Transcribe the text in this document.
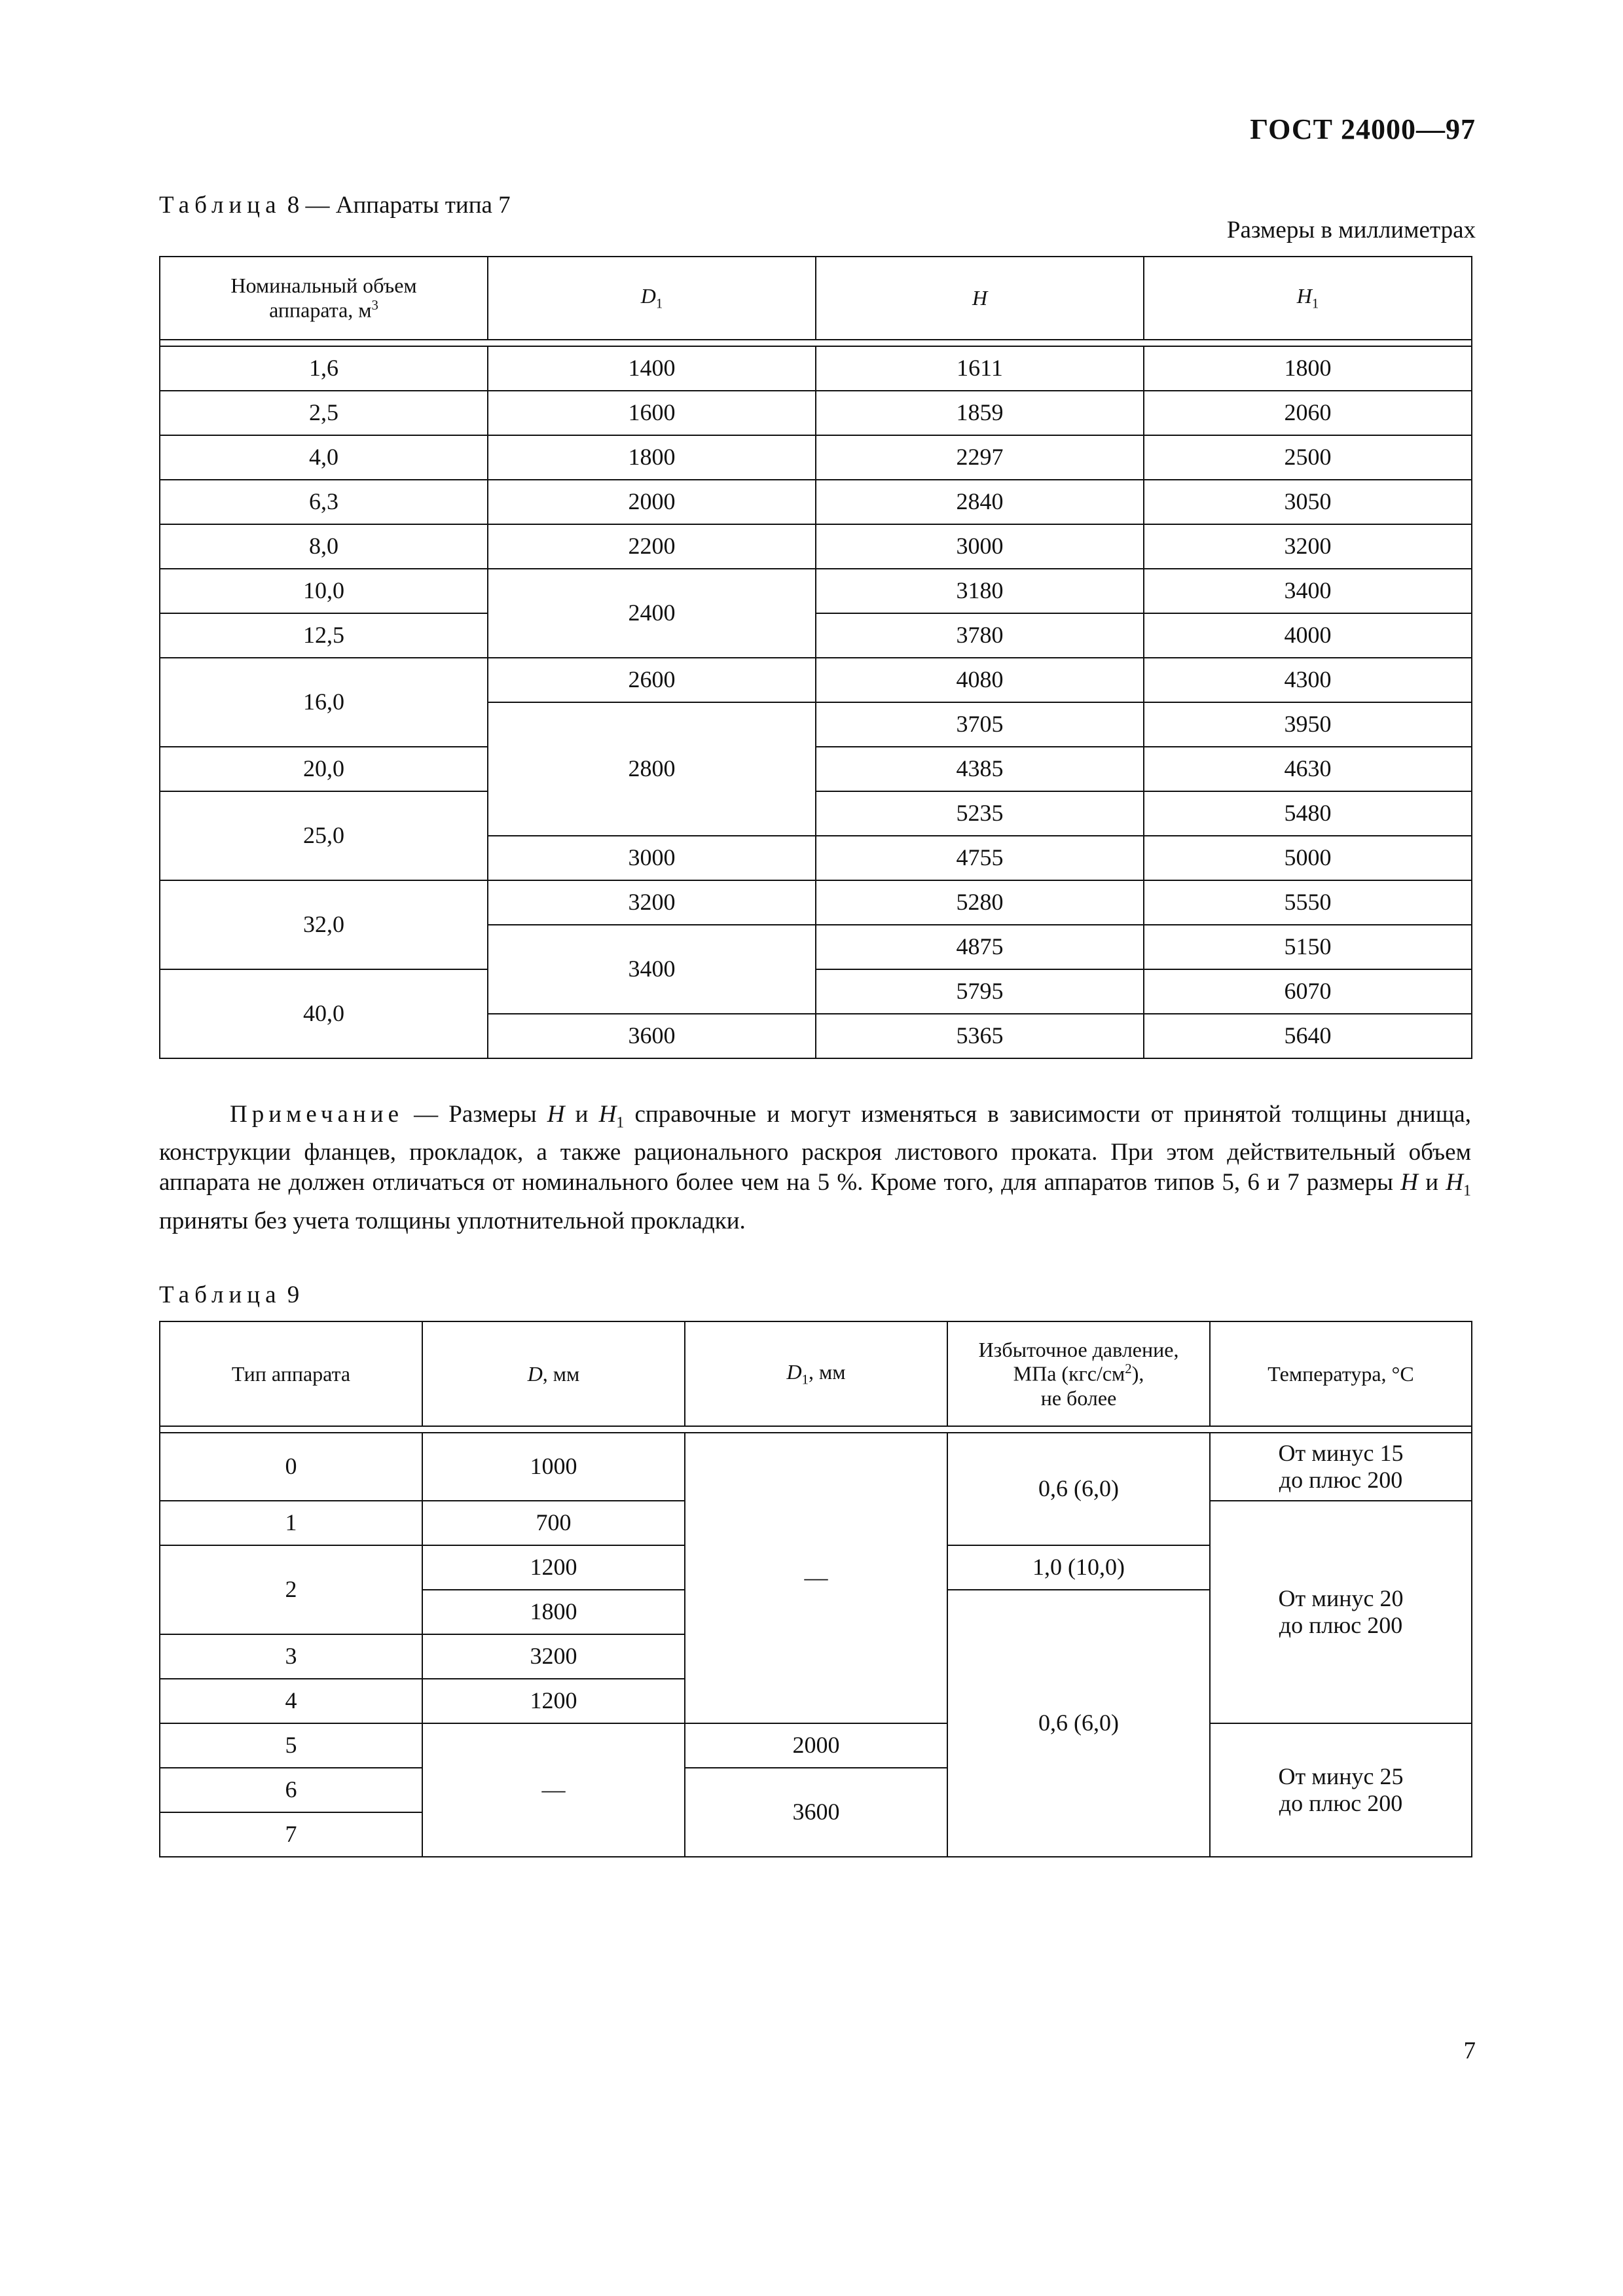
ГОСТ 24000—97
Таблица 8 — Аппараты типа 7
Размеры в миллиметрах
Номинальный объем
аппарата, $м^3$	$D_1$	H	$H_1$

1,6	1400	1611	1800
2,5	1600	1859	2060
4,0	1800	2297	2500
6,3	2000	2840	3050
8,0	2200	3000	3200
10,0	2400	3180	3400
12,5		3780	4000
16,0	2600	4080	4300
	2800	3705	3950
20,0		4385	4630
25,0		5235	5480
	3000	4755	5000
32,0	3200	5280	5550
	3400	4875	5150
40,0		5795	6070
	3600	5365	5640
Примечание — Размеры H и $H_1$ справочные и могут изменяться в зависимости от принятой толщины днища, конструкции фланцев, прокладок, а также рационального раскроя листового проката. При этом действительный объем аппарата не должен отличаться от номинального более чем на 5 %. Кроме того, для аппаратов типов 5, 6 и 7 размеры H и $H_1$ приняты без учета толщины уплотнительной прокладки.
Таблица 9
Тип аппарата	D, мм	$D_1$, мм	Избыточное давление,
МПа $(кгс/см^2)$,
не более	Температура, °С

0	1000	—	0,6 (6,0)	От минус 15
до плюс 200
1	700			От минус 20
до плюс 200
2	1200		1,0 (10,0)	
	1800		0,6 (6,0)	
3	3200			
4	1200			
5	—	2000		От минус 25
до плюс 200
6		3600		
7				
7
